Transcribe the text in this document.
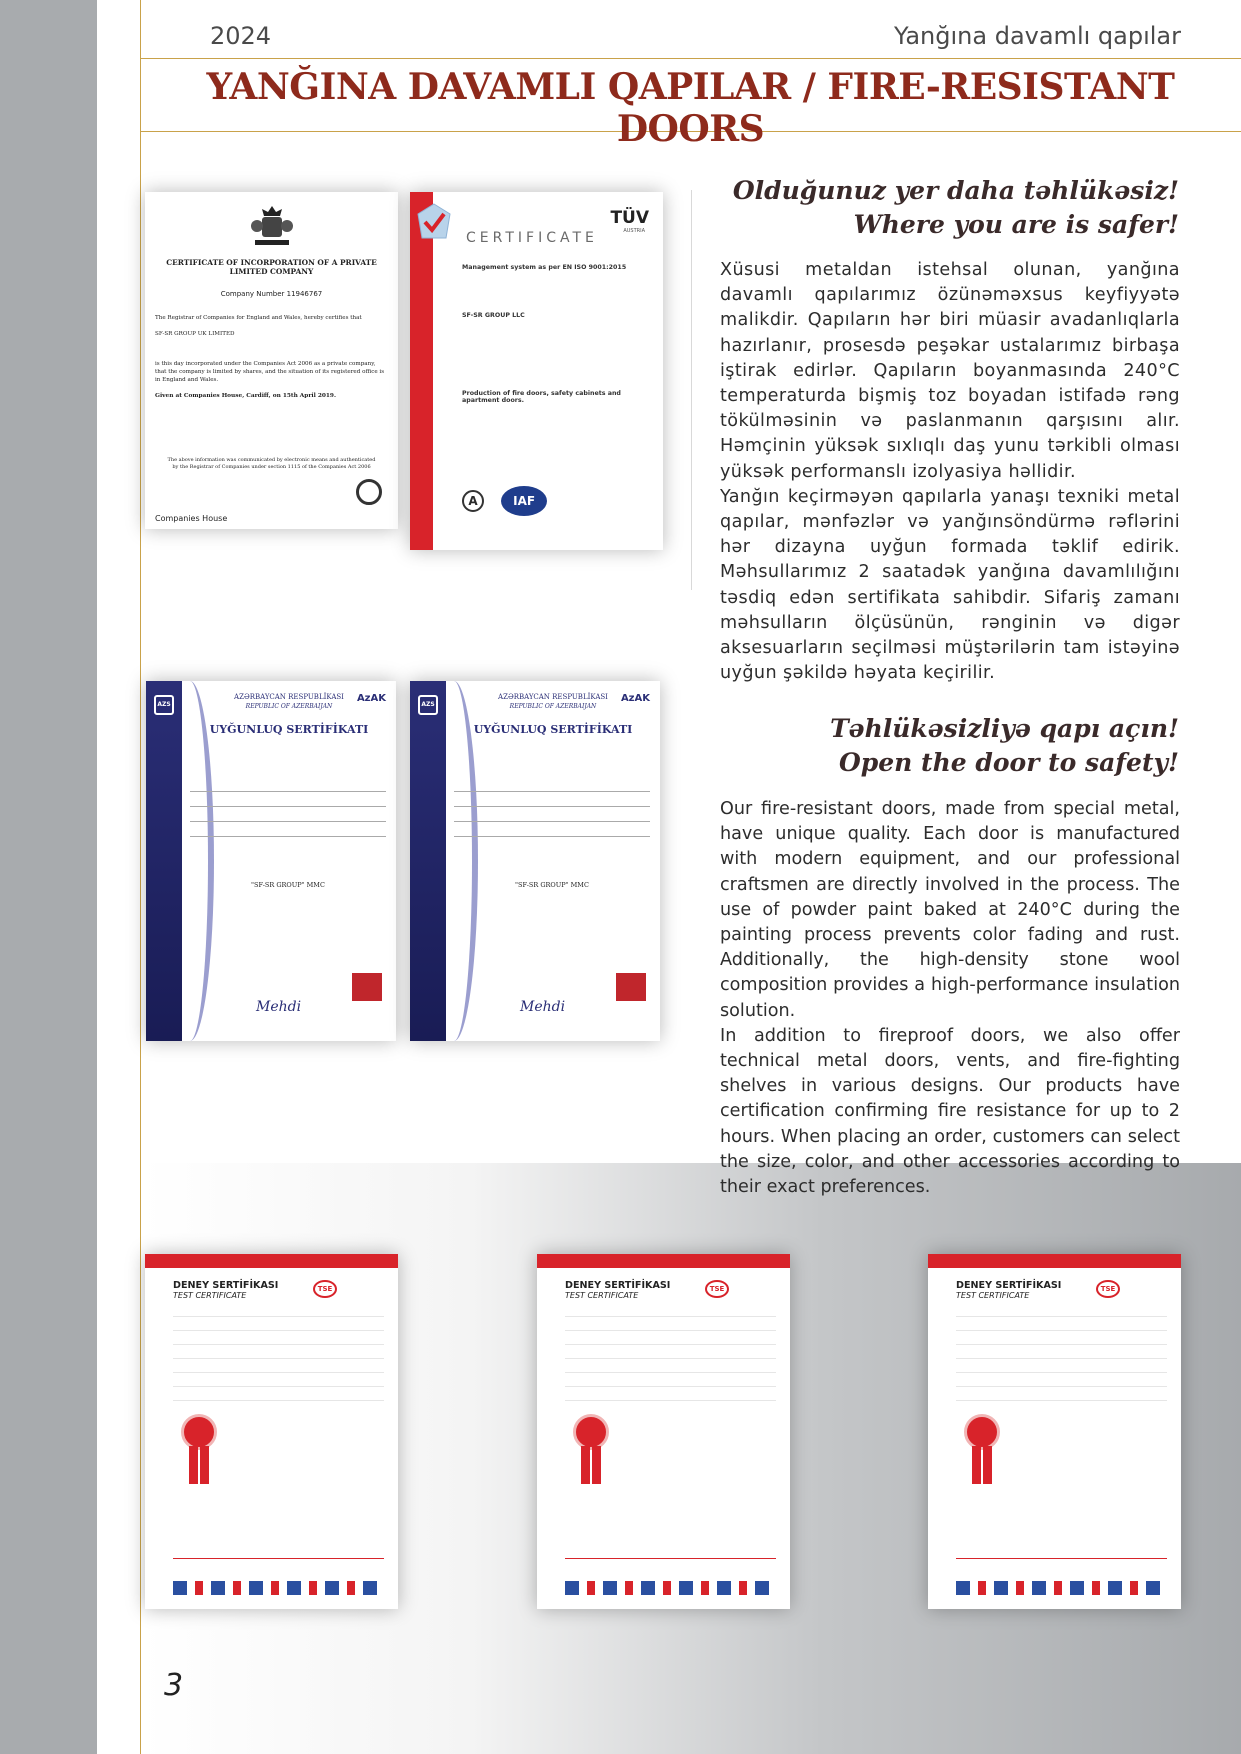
2024	Yanğına davamlı qapılar
YANĞINA DAVAMLI QAPILAR / FIRE-RESISTANT DOORS
CERTIFICATE OF INCORPORATION OF A PRIVATE LIMITED COMPANY
Company Number 11946767
The Registrar of Companies for England and Wales, hereby certifies that
SF-SR GROUP UK LIMITED
is this day incorporated under the Companies Act 2006 as a private company, that the company is limited by shares, and the situation of its registered office is in England and Wales.
Given at Companies House, Cardiff, on 15th April 2019.
The above information was communicated by electronic means and authenticated by the Registrar of Companies under section 1115 of the Companies Act 2006
Companies House
CERTIFICATE
TÜV
AUSTRIA
Management system as per EN ISO 9001:2015
SF-SR GROUP LLC
Production of fire doors, safety cabinets and apartment doors.
A	IAF
AZS
AzAK
AZƏRBAYCAN RESPUBLİKASI
REPUBLIC OF AZERBAIJAN
UYĞUNLUQ SERTİFİKATI
"SF-SR GROUP" MMC
Mehdi
AZS
AzAK
AZƏRBAYCAN RESPUBLİKASI
REPUBLIC OF AZERBAIJAN
UYĞUNLUQ SERTİFİKATI
"SF-SR GROUP" MMC
Mehdi
Olduğunuz yer daha təhlükəsiz!
Where you are is safer!

Xüsusi metaldan istehsal olunan, yanğına davamlı qapılarımız özünəməxsus keyfiyyətə malikdir. Qapıların hər biri müasir avadanlıqlarla hazırlanır, prosesdə peşəkar ustalarımız birbaşa iştirak edirlər. Qapıların boyanmasında 240°C temperaturda bişmiş toz boyadan istifadə rəng tökülməsinin və paslanmanın qarşısını alır. Həmçinin yüksək sıxlıqlı daş yunu tərkibli olması yüksək performanslı izolyasiya həllidir.

Yanğın keçirməyən qapılarla yanaşı texniki metal qapılar, mənfəzlər və yanğınsöndürmə rəflərini hər dizayna uyğun formada təklif edirik. Məhsullarımız 2 saatadək yanğına davamlılığını təsdiq edən sertifikata sahibdir. Sifariş zamanı məhsulların ölçüsünün, rənginin və digər aksesuarların seçilməsi müştərilərin tam istəyinə uyğun şəkildə həyata keçirilir.

Təhlükəsizliyə qapı açın!
Open the door to safety!

Our fire-resistant doors, made from special metal, have unique quality. Each door is manufactured with modern equipment, and our professional craftsmen are directly involved in the process. The use of powder paint baked at 240°C during the painting process prevents color fading and rust. Additionally, the high-density stone wool composition provides a high-performance insulation solution.

In addition to fireproof doors, we also offer technical metal doors, vents, and fire-fighting shelves in various designs. Our products have certification confirming fire resistance for up to 2 hours. When placing an order, customers can select the size, color, and other accessories according to their exact preferences.

DENEY SERTİFİKASI
TEST CERTIFICATE
TSE	DENEY SERTİFİKASI
TEST CERTIFICATE
TSE	DENEY SERTİFİKASI
TEST CERTIFICATE
TSE
3
